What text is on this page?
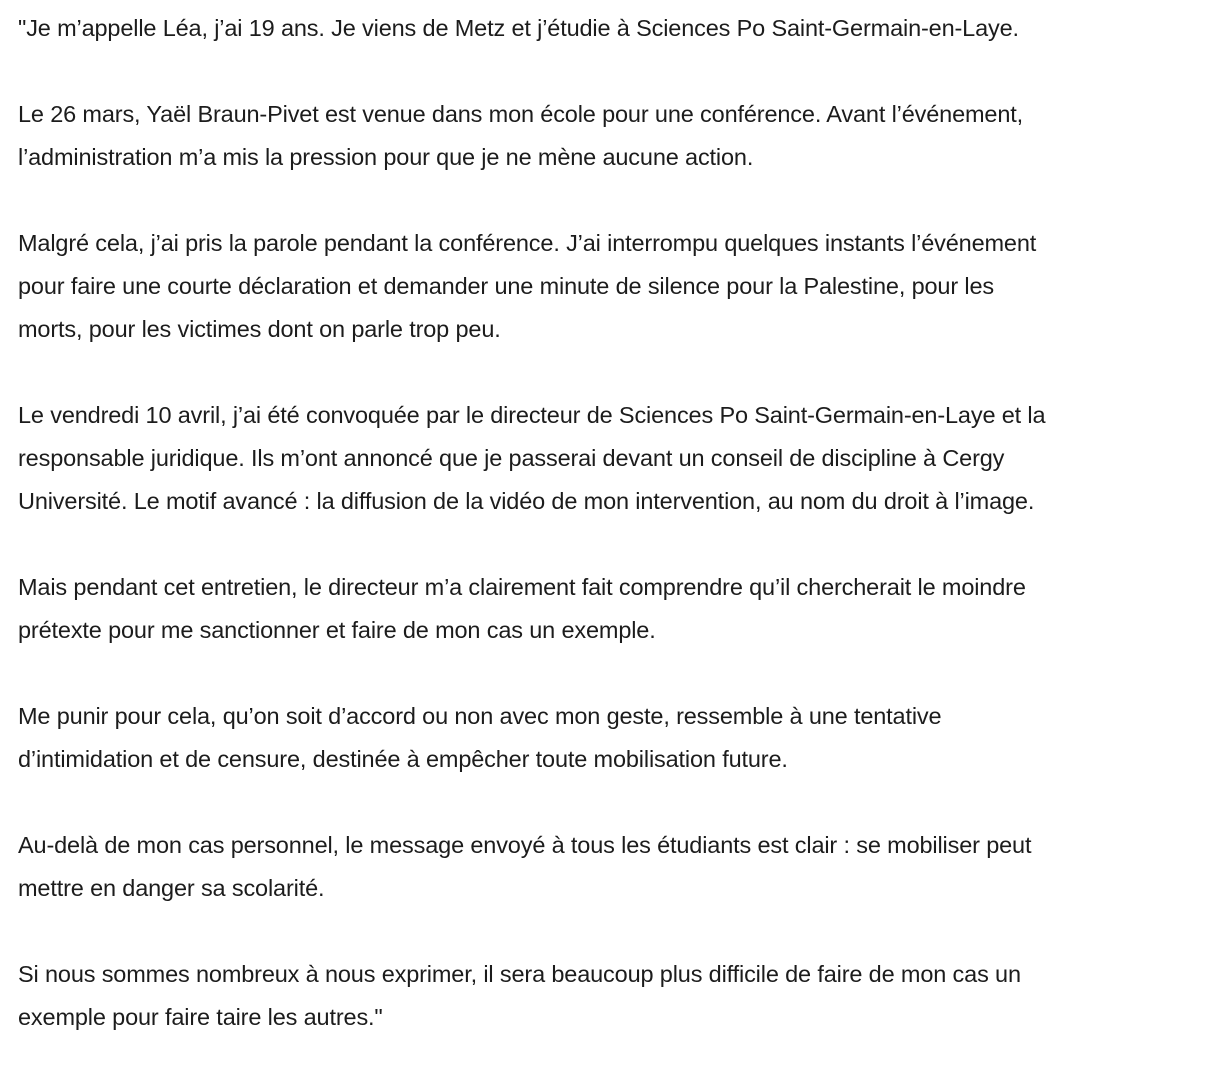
"Je m’appelle Léa, j’ai 19 ans. Je viens de Metz et j’étudie à Sciences Po Saint-Germain-en-Laye.

Le 26 mars, Yaël Braun-Pivet est venue dans mon école pour une conférence. Avant l’événement,
l’administration m’a mis la pression pour que je ne mène aucune action.

Malgré cela, j’ai pris la parole pendant la conférence. J’ai interrompu quelques instants l’événement
pour faire une courte déclaration et demander une minute de silence pour la Palestine, pour les
morts, pour les victimes dont on parle trop peu.

Le vendredi 10 avril, j’ai été convoquée par le directeur de Sciences Po Saint-Germain-en-Laye et la
responsable juridique. Ils m’ont annoncé que je passerai devant un conseil de discipline à Cergy
Université. Le motif avancé : la diffusion de la vidéo de mon intervention, au nom du droit à l’image.

Mais pendant cet entretien, le directeur m’a clairement fait comprendre qu’il chercherait le moindre
prétexte pour me sanctionner et faire de mon cas un exemple.

Me punir pour cela, qu’on soit d’accord ou non avec mon geste, ressemble à une tentative
d’intimidation et de censure, destinée à empêcher toute mobilisation future.

Au-delà de mon cas personnel, le message envoyé à tous les étudiants est clair : se mobiliser peut
mettre en danger sa scolarité.

Si nous sommes nombreux à nous exprimer, il sera beaucoup plus difficile de faire de mon cas un
exemple pour faire taire les autres."
